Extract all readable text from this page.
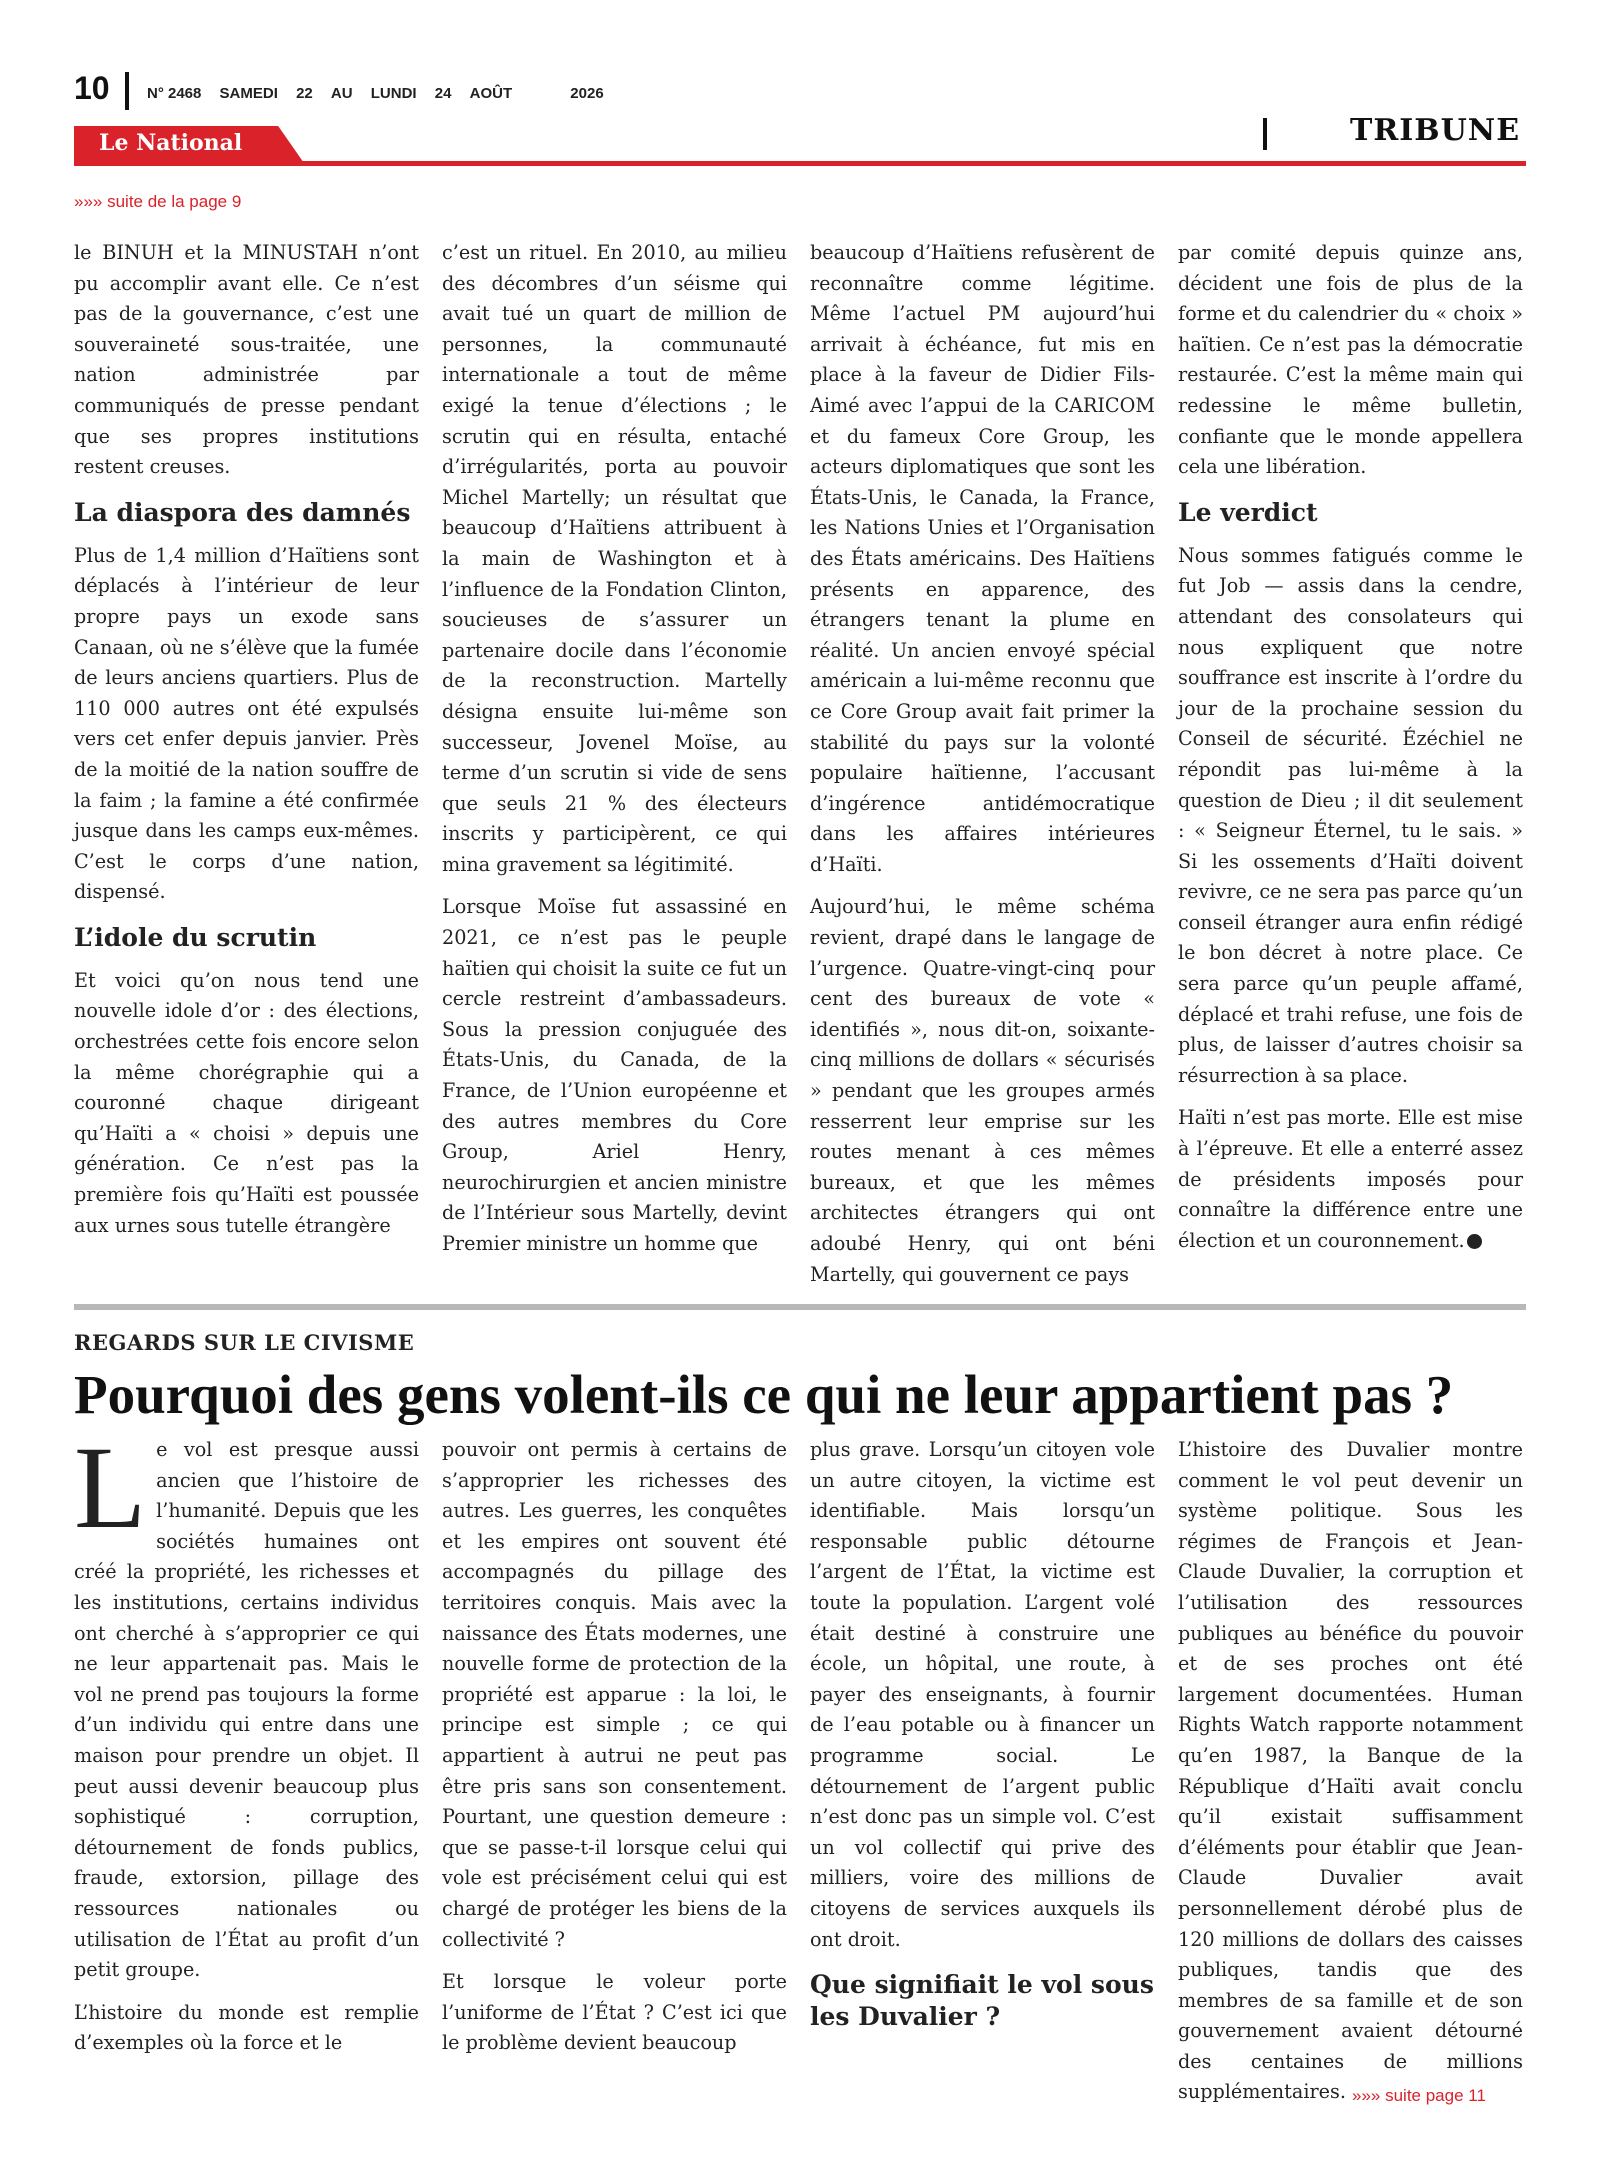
10 N° 2468 SAMEDI 22 AU LUNDI 24 AOÛT	2026
Le National	TRIBUNE
»»» suite de la page 9

le BINUH et la MINUSTAH n’ont pu accomplir avant elle. Ce n’est pas de la gouvernance, c’est une souveraineté sous-traitée, une nation administrée par communiqués de presse pendant que ses propres institutions restent creuses.

La diaspora des damnés

Plus de 1,4 million d’Haïtiens sont déplacés à l’intérieur de leur propre pays un exode sans Canaan, où ne s’élève que la fumée de leurs anciens quartiers. Plus de 110 000 autres ont été expulsés vers cet enfer depuis janvier. Près de la moitié de la nation souffre de la faim ; la famine a été confirmée jusque dans les camps eux-mêmes. C’est le corps d’une nation, dispensé.

L’idole du scrutin

Et voici qu’on nous tend une nouvelle idole d’or : des élections, orchestrées cette fois encore selon la même chorégraphie qui a couronné chaque dirigeant qu’Haïti a « choisi » depuis une génération. Ce n’est pas la première fois qu’Haïti est poussée aux urnes sous tutelle étrangère

c’est un rituel. En 2010, au milieu des décombres d’un séisme qui avait tué un quart de million de personnes, la communauté internationale a tout de même exigé la tenue d’élections ; le scrutin qui en résulta, entaché d’irrégularités, porta au pouvoir Michel Martelly; un résultat que beaucoup d’Haïtiens attribuent à la main de Washington et à l’influence de la Fondation Clinton, soucieuses de s’assurer un partenaire docile dans l’économie de la reconstruction. Martelly désigna ensuite lui-même son successeur, Jovenel Moïse, au terme d’un scrutin si vide de sens que seuls 21 % des électeurs inscrits y participèrent, ce qui mina gravement sa légitimité.

Lorsque Moïse fut assassiné en 2021, ce n’est pas le peuple haïtien qui choisit la suite ce fut un cercle restreint d’ambassadeurs. Sous la pression conjuguée des États-Unis, du Canada, de la France, de l’Union européenne et des autres membres du Core Group, Ariel Henry, neurochirurgien et ancien ministre de l’Intérieur sous Martelly, devint Premier ministre un homme que

beaucoup d’Haïtiens refusèrent de reconnaître comme légitime. Même l’actuel PM aujourd’hui arrivait à échéance, fut mis en place à la faveur de Didier Fils-Aimé avec l’appui de la CARICOM et du fameux Core Group, les acteurs diplomatiques que sont les États-Unis, le Canada, la France, les Nations Unies et l’Organisation des États américains. Des Haïtiens présents en apparence, des étrangers tenant la plume en réalité. Un ancien envoyé spécial américain a lui-même reconnu que ce Core Group avait fait primer la stabilité du pays sur la volonté populaire haïtienne, l’accusant d’ingérence antidémocratique dans les affaires intérieures d’Haïti.

Aujourd’hui, le même schéma revient, drapé dans le langage de l’urgence. Quatre-vingt-cinq pour cent des bureaux de vote « identifiés », nous dit-on, soixante-cinq millions de dollars « sécurisés » pendant que les groupes armés resserrent leur emprise sur les routes menant à ces mêmes bureaux, et que les mêmes architectes étrangers qui ont adoubé Henry, qui ont béni Martelly, qui gouvernent ce pays

par comité depuis quinze ans, décident une fois de plus de la forme et du calendrier du « choix » haïtien. Ce n’est pas la démocratie restaurée. C’est la même main qui redessine le même bulletin, confiante que le monde appellera cela une libération.

Le verdict

Nous sommes fatigués comme le fut Job — assis dans la cendre, attendant des consolateurs qui nous expliquent que notre souffrance est inscrite à l’ordre du jour de la prochaine session du Conseil de sécurité. Ézéchiel ne répondit pas lui-même à la question de Dieu ; il dit seulement : « Seigneur Éternel, tu le sais. » Si les ossements d’Haïti doivent revivre, ce ne sera pas parce qu’un conseil étranger aura enfin rédigé le bon décret à notre place. Ce sera parce qu’un peuple affamé, déplacé et trahi refuse, une fois de plus, de laisser d’autres choisir sa résurrection à sa place.

Haïti n’est pas morte. Elle est mise à l’épreuve. Et elle a enterré assez de présidents imposés pour connaître la différence entre une élection et un couronnement.

REGARDS SUR LE CIVISME
Pourquoi des gens volent-ils ce qui ne leur appartient pas ?

Le vol est presque aussi ancien que l’histoire de l’humanité. Depuis que les sociétés humaines ont créé la propriété, les richesses et les institutions, certains individus ont cherché à s’approprier ce qui ne leur appartenait pas. Mais le vol ne prend pas toujours la forme d’un individu qui entre dans une maison pour prendre un objet. Il peut aussi devenir beaucoup plus sophistiqué : corruption, détournement de fonds publics, fraude, extorsion, pillage des ressources nationales ou utilisation de l’État au profit d’un petit groupe.

L’histoire du monde est remplie d’exemples où la force et le

pouvoir ont permis à certains de s’approprier les richesses des autres. Les guerres, les conquêtes et les empires ont souvent été accompagnés du pillage des territoires conquis. Mais avec la naissance des États modernes, une nouvelle forme de protection de la propriété est apparue : la loi, le principe est simple ; ce qui appartient à autrui ne peut pas être pris sans son consentement. Pourtant, une question demeure : que se passe-t-il lorsque celui qui vole est précisément celui qui est chargé de protéger les biens de la collectivité ?

Et lorsque le voleur porte l’uniforme de l’État ? C’est ici que le problème devient beaucoup

plus grave. Lorsqu’un citoyen vole un autre citoyen, la victime est identifiable. Mais lorsqu’un responsable public détourne l’argent de l’État, la victime est toute la population. L’argent volé était destiné à construire une école, un hôpital, une route, à payer des enseignants, à fournir de l’eau potable ou à financer un programme social. Le détournement de l’argent public n’est donc pas un simple vol. C’est un vol collectif qui prive des milliers, voire des millions de citoyens de services auxquels ils ont droit.

Que signifiait le vol sous les Duvalier ?

L’histoire des Duvalier montre comment le vol peut devenir un système politique. Sous les régimes de François et Jean-Claude Duvalier, la corruption et l’utilisation des ressources publiques au bénéfice du pouvoir et de ses proches ont été largement documentées. Human Rights Watch rapporte notamment qu’en 1987, la Banque de la République d’Haïti avait conclu qu’il existait suffisamment d’éléments pour établir que Jean-Claude Duvalier avait personnellement dérobé plus de 120 millions de dollars des caisses publiques, tandis que des membres de sa famille et de son gouvernement avaient détourné des centaines de millions supplémentaires. »»» suite page 11
